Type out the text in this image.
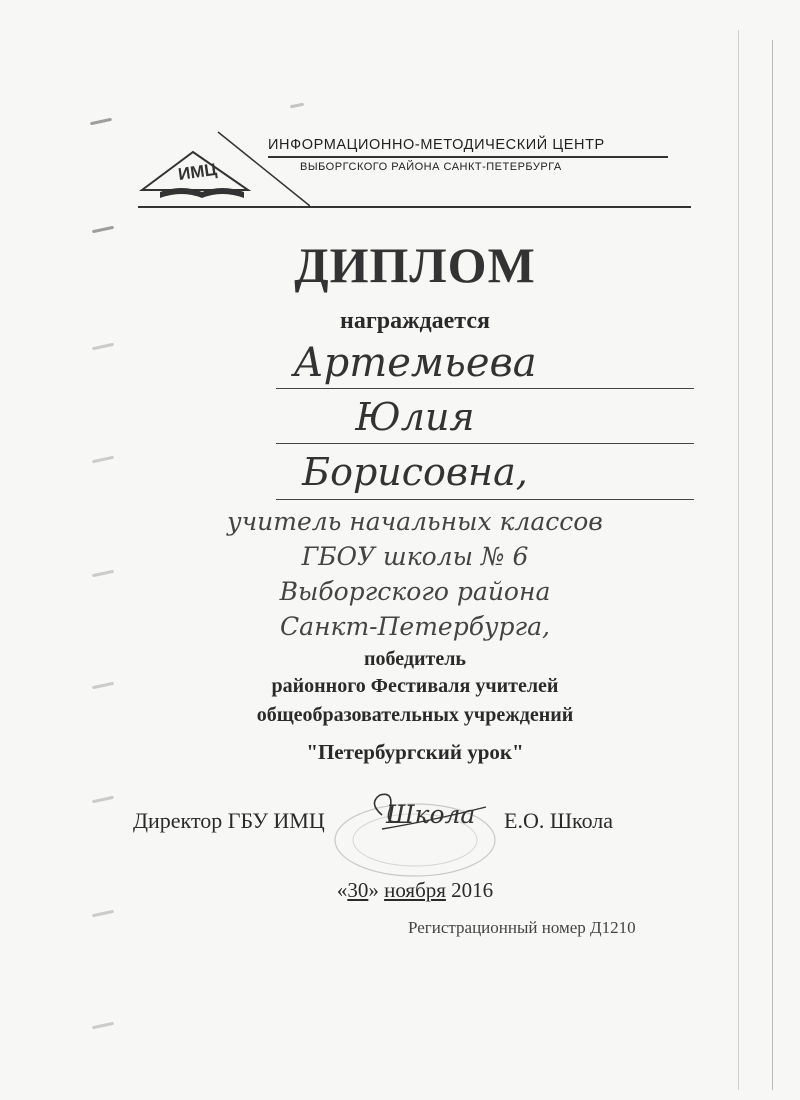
ИМЦ
ИНФОРМАЦИОННО-МЕТОДИЧЕСКИЙ ЦЕНТР
ВЫБОРГСКОГО РАЙОНА САНКТ-ПЕТЕРБУРГА
ДИПЛОМ
награждается
Артемьева
Юлия
Борисовна,
учитель начальных классов
ГБОУ школы № 6
Выборгского района
Санкт-Петербурга,
победитель
районного Фестиваля учителей
общеобразовательных учреждений
"Петербургский урок"
Директор ГБУ ИМЦ Школа Е.О. Школа
«30» ноября 2016
Регистрационный номер Д1210
